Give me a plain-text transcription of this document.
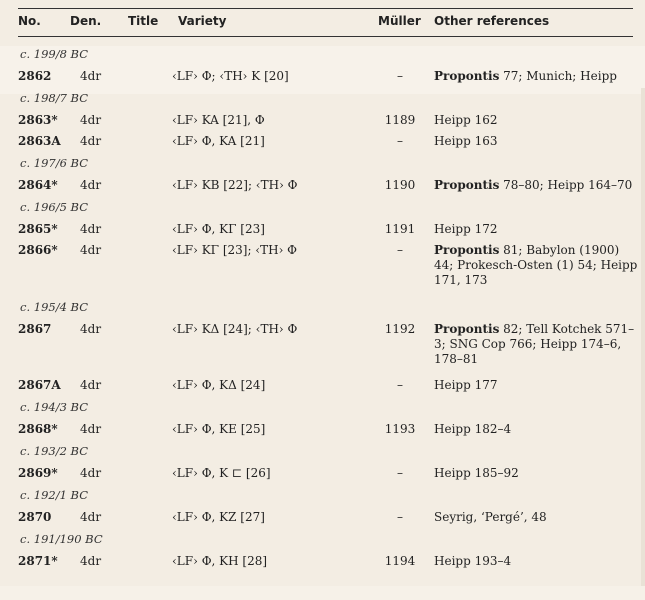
No. Den. Title Variety	Müller Other references
c. 199/8 BC
2862 4dr	‹LF› Φ; ‹TH› K [20]	–	Propontis 77; Munich; Heipp
c. 198/7 BC
2863* 4dr	‹LF› KA [21], Φ	1189	Heipp 162
2863A 4dr	‹LF› Φ, KA [21]	–	Heipp 163
c. 197/6 BC
2864* 4dr	‹LF› KB [22]; ‹TH› Φ	1190	Propontis 78–80; Heipp 164–70
c. 196/5 BC
2865* 4dr	‹LF› Φ, KΓ [23]	1191	Heipp 172
2866* 4dr	‹LF› KΓ [23]; ‹TH› Φ	–	Propontis 81; Babylon (1900) 44; Prokesch-Osten (1) 54; Heipp 171, 173
c. 195/4 BC
2867 4dr	‹LF› KΔ [24]; ‹TH› Φ	1192	Propontis 82; Tell Kotchek 571–3; SNG Cop 766; Heipp 174–6, 178–81
2867A 4dr	‹LF› Φ, KΔ [24]	–	Heipp 177
c. 194/3 BC
2868* 4dr	‹LF› Φ, KE [25]	1193	Heipp 182–4
c. 193/2 BC
2869* 4dr	‹LF› Φ, K ⊏ [26]	–	Heipp 185–92
c. 192/1 BC
2870 4dr	‹LF› Φ, KZ [27]	–	Seyrig, ‘Pergé’, 48
c. 191/190 BC
2871* 4dr	‹LF› Φ, KH [28]	1194	Heipp 193–4
